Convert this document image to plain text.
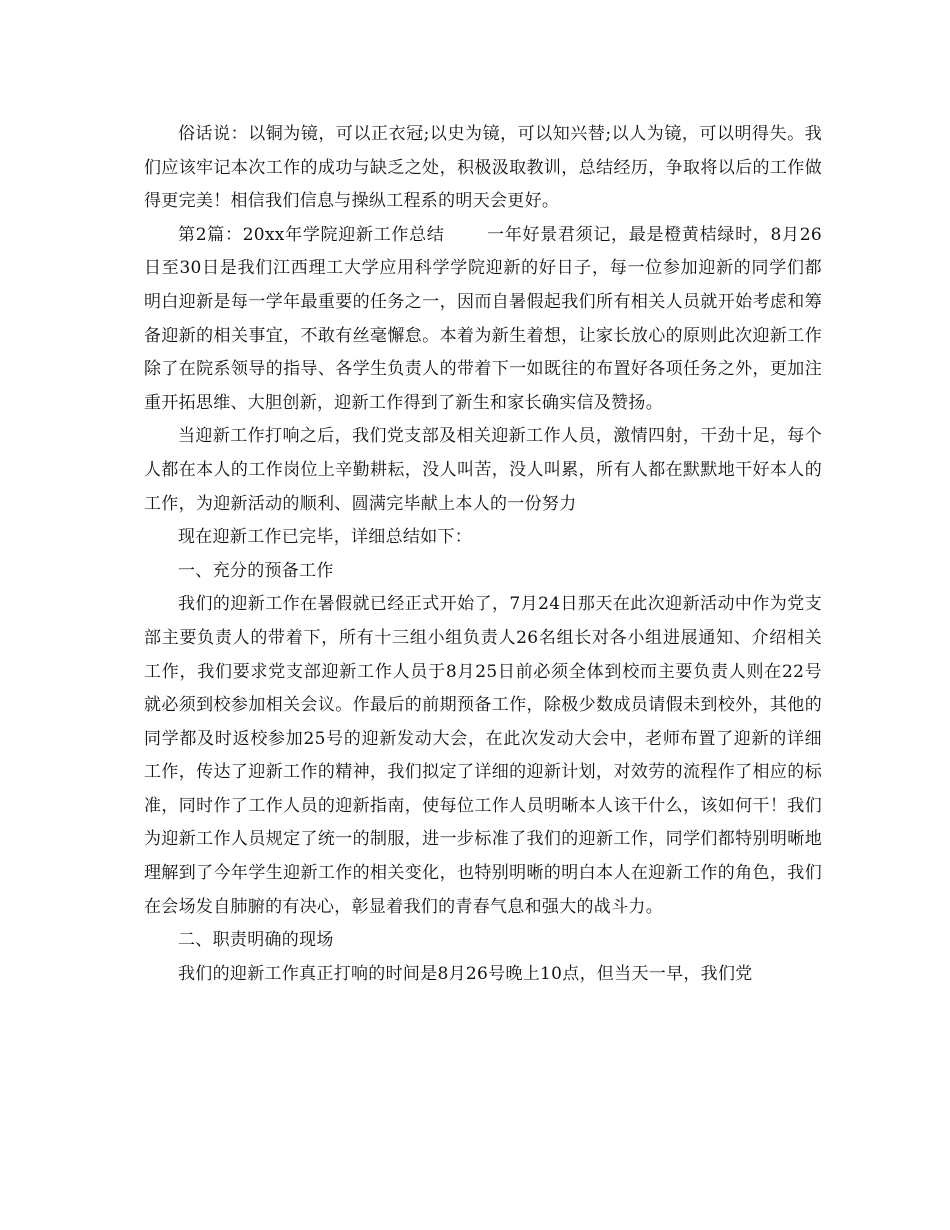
俗话说：以铜为镜，可以正衣冠;以史为镜，可以知兴替;以人为镜，可以明得失。我们应该牢记本次工作的成功与缺乏之处，积极汲取教训，总结经历，争取将以后的工作做得更完美！相信我们信息与操纵工程系的明天会更好。

第2篇：20xx年学院迎新工作总结 一年好景君须记，最是橙黄桔绿时，8月26日至30日是我们江西理工大学应用科学学院迎新的好日子，每一位参加迎新的同学们都明白迎新是每一学年最重要的任务之一，因而自暑假起我们所有相关人员就开始考虑和筹备迎新的相关事宜，不敢有丝毫懈怠。本着为新生着想，让家长放心的原则此次迎新工作除了在院系领导的指导、各学生负责人的带着下一如既往的布置好各项任务之外，更加注重开拓思维、大胆创新，迎新工作得到了新生和家长确实信及赞扬。

当迎新工作打响之后，我们党支部及相关迎新工作人员，激情四射，干劲十足，每个人都在本人的工作岗位上辛勤耕耘，没人叫苦，没人叫累，所有人都在默默地干好本人的工作，为迎新活动的顺利、圆满完毕献上本人的一份努力

现在迎新工作已完毕，详细总结如下：

一、充分的预备工作

我们的迎新工作在暑假就已经正式开始了，7月24日那天在此次迎新活动中作为党支部主要负责人的带着下，所有十三组小组负责人26名组长对各小组进展通知、介绍相关工作，我们要求党支部迎新工作人员于8月25日前必须全体到校而主要负责人则在22号就必须到校参加相关会议。作最后的前期预备工作，除极少数成员请假未到校外，其他的同学都及时返校参加25号的迎新发动大会，在此次发动大会中，老师布置了迎新的详细工作，传达了迎新工作的精神，我们拟定了详细的迎新计划，对效劳的流程作了相应的标准，同时作了工作人员的迎新指南，使每位工作人员明晰本人该干什么，该如何干！我们为迎新工作人员规定了统一的制服，进一步标准了我们的迎新工作，同学们都特别明晰地理解到了今年学生迎新工作的相关变化，也特别明晰的明白本人在迎新工作的角色，我们在会场发自肺腑的有决心，彰显着我们的青春气息和强大的战斗力。

二、职责明确的现场

我们的迎新工作真正打响的时间是8月26号晚上10点，但当天一早，我们党
